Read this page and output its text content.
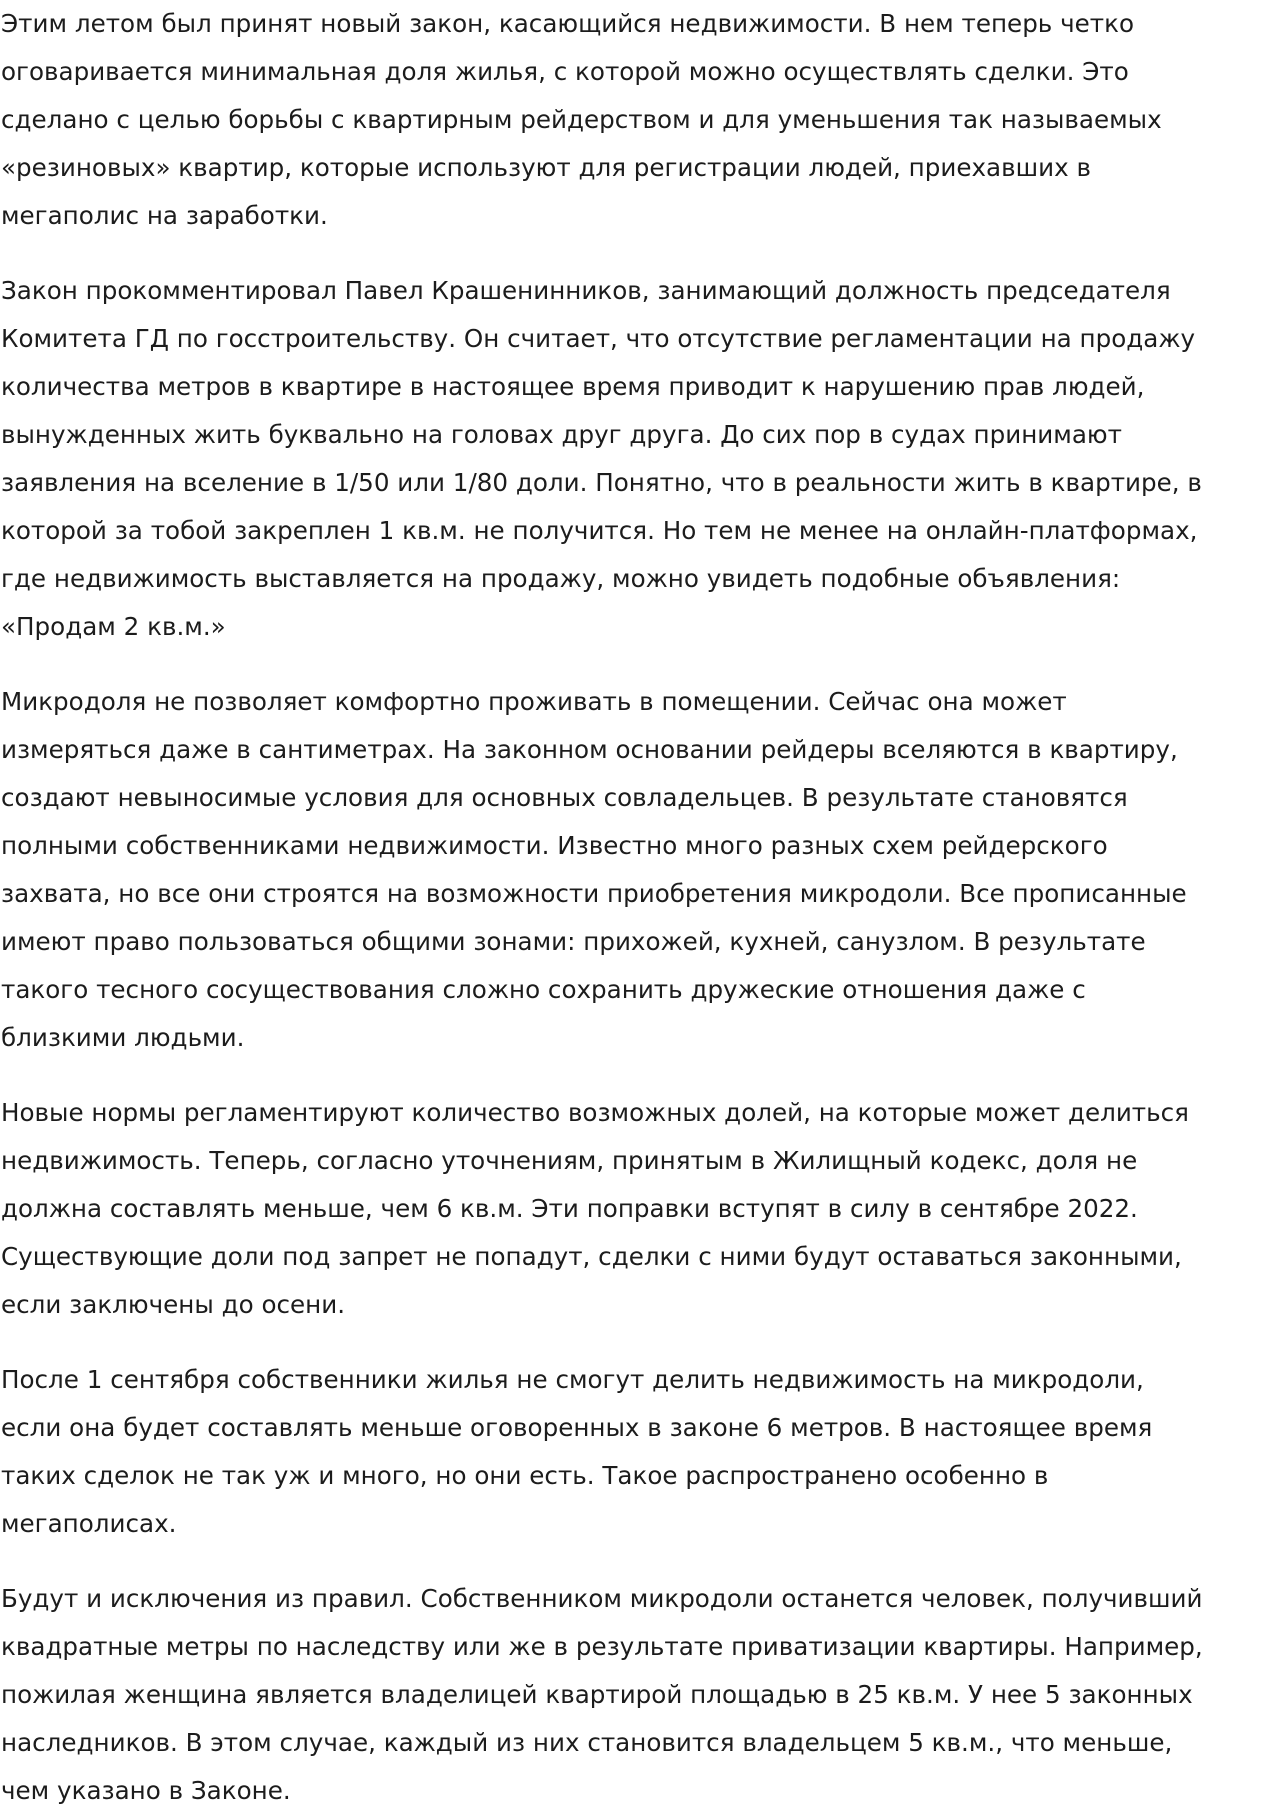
Этим летом был принят новый закон, касающийся недвижимости. В нем теперь четко
оговаривается минимальная доля жилья, с которой можно осуществлять сделки. Это
сделано с целью борьбы с квартирным рейдерством и для уменьшения так называемых
«резиновых» квартир, которые используют для регистрации людей, приехавших в
мегаполис на заработки.

Закон прокомментировал Павел Крашенинников, занимающий должность председателя
Комитета ГД по госстроительству. Он считает, что отсутствие регламентации на продажу
количества метров в квартире в настоящее время приводит к нарушению прав людей,
вынужденных жить буквально на головах друг друга. До сих пор в судах принимают
заявления на вселение в 1/50 или 1/80 доли. Понятно, что в реальности жить в квартире, в
которой за тобой закреплен 1 кв.м. не получится. Но тем не менее на онлайн-платформах,
где недвижимость выставляется на продажу, можно увидеть подобные объявления:
«Продам 2 кв.м.»

Микродоля не позволяет комфортно проживать в помещении. Сейчас она может
измеряться даже в сантиметрах. На законном основании рейдеры вселяются в квартиру,
создают невыносимые условия для основных совладельцев. В результате становятся
полными собственниками недвижимости. Известно много разных схем рейдерского
захвата, но все они строятся на возможности приобретения микродоли. Все прописанные
имеют право пользоваться общими зонами: прихожей, кухней, санузлом. В результате
такого тесного сосуществования сложно сохранить дружеские отношения даже с
близкими людьми.

Новые нормы регламентируют количество возможных долей, на которые может делиться
недвижимость. Теперь, согласно уточнениям, принятым в Жилищный кодекс, доля не
должна составлять меньше, чем 6 кв.м. Эти поправки вступят в силу в сентябре 2022.
Существующие доли под запрет не попадут, сделки с ними будут оставаться законными,
если заключены до осени.

После 1 сентября собственники жилья не смогут делить недвижимость на микродоли,
если она будет составлять меньше оговоренных в законе 6 метров. В настоящее время
таких сделок не так уж и много, но они есть. Такое распространено особенно в
мегаполисах.

Будут и исключения из правил. Собственником микродоли останется человек, получивший
квадратные метры по наследству или же в результате приватизации квартиры. Например,
пожилая женщина является владелицей квартирой площадью в 25 кв.м. У нее 5 законных
наследников. В этом случае, каждый из них становится владельцем 5 кв.м., что меньше,
чем указано в Законе.
